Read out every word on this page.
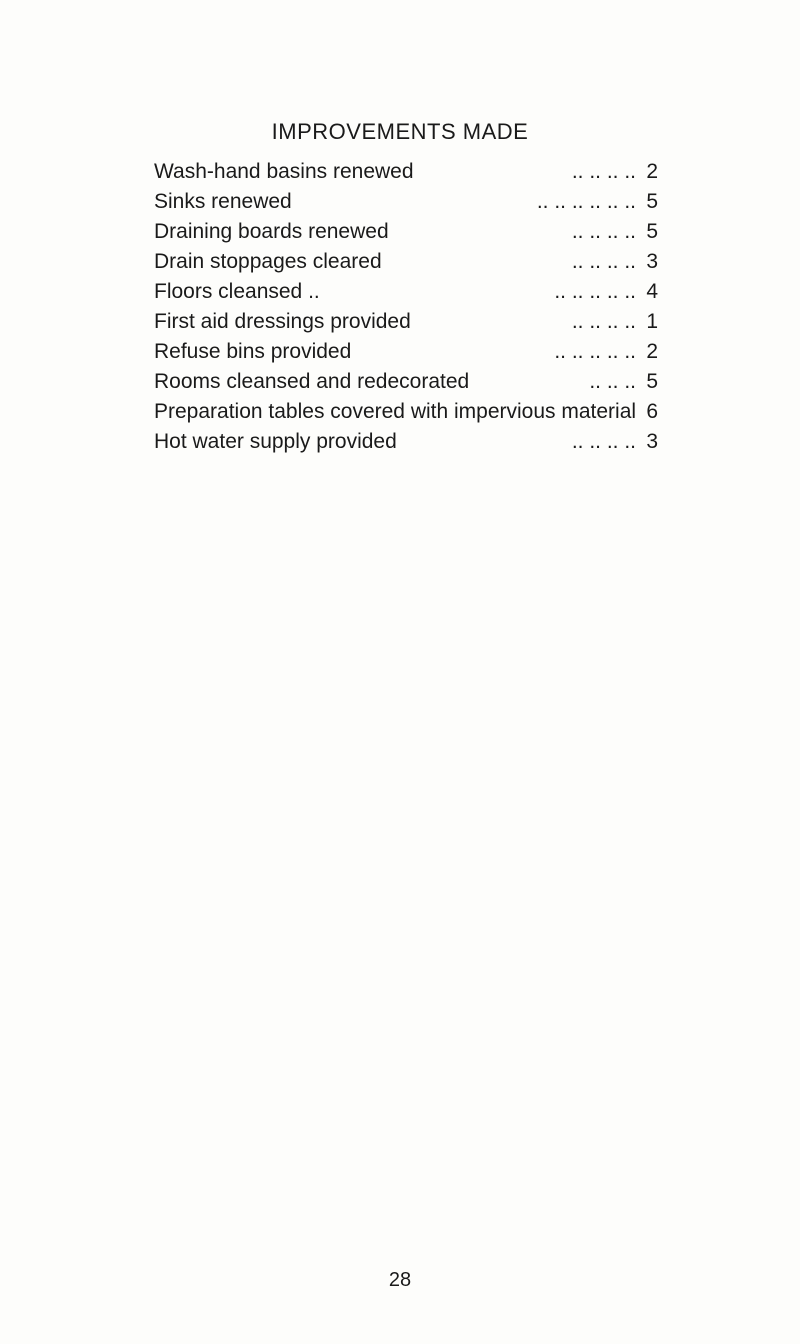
IMPROVEMENTS MADE
Wash-hand basins renewed	.. .. .. .. 2
Sinks renewed	.. .. .. .. .. .. 5
Draining boards renewed	.. .. .. .. 5
Drain stoppages cleared	.. .. .. .. 3
Floors cleansed ..	.. .. .. .. .. 4
First aid dressings provided	.. .. .. .. 1
Refuse bins provided	.. .. .. .. .. 2
Rooms cleansed and redecorated	.. .. .. 5
Preparation tables covered with impervious material 6
Hot water supply provided	.. .. .. .. 3
28
